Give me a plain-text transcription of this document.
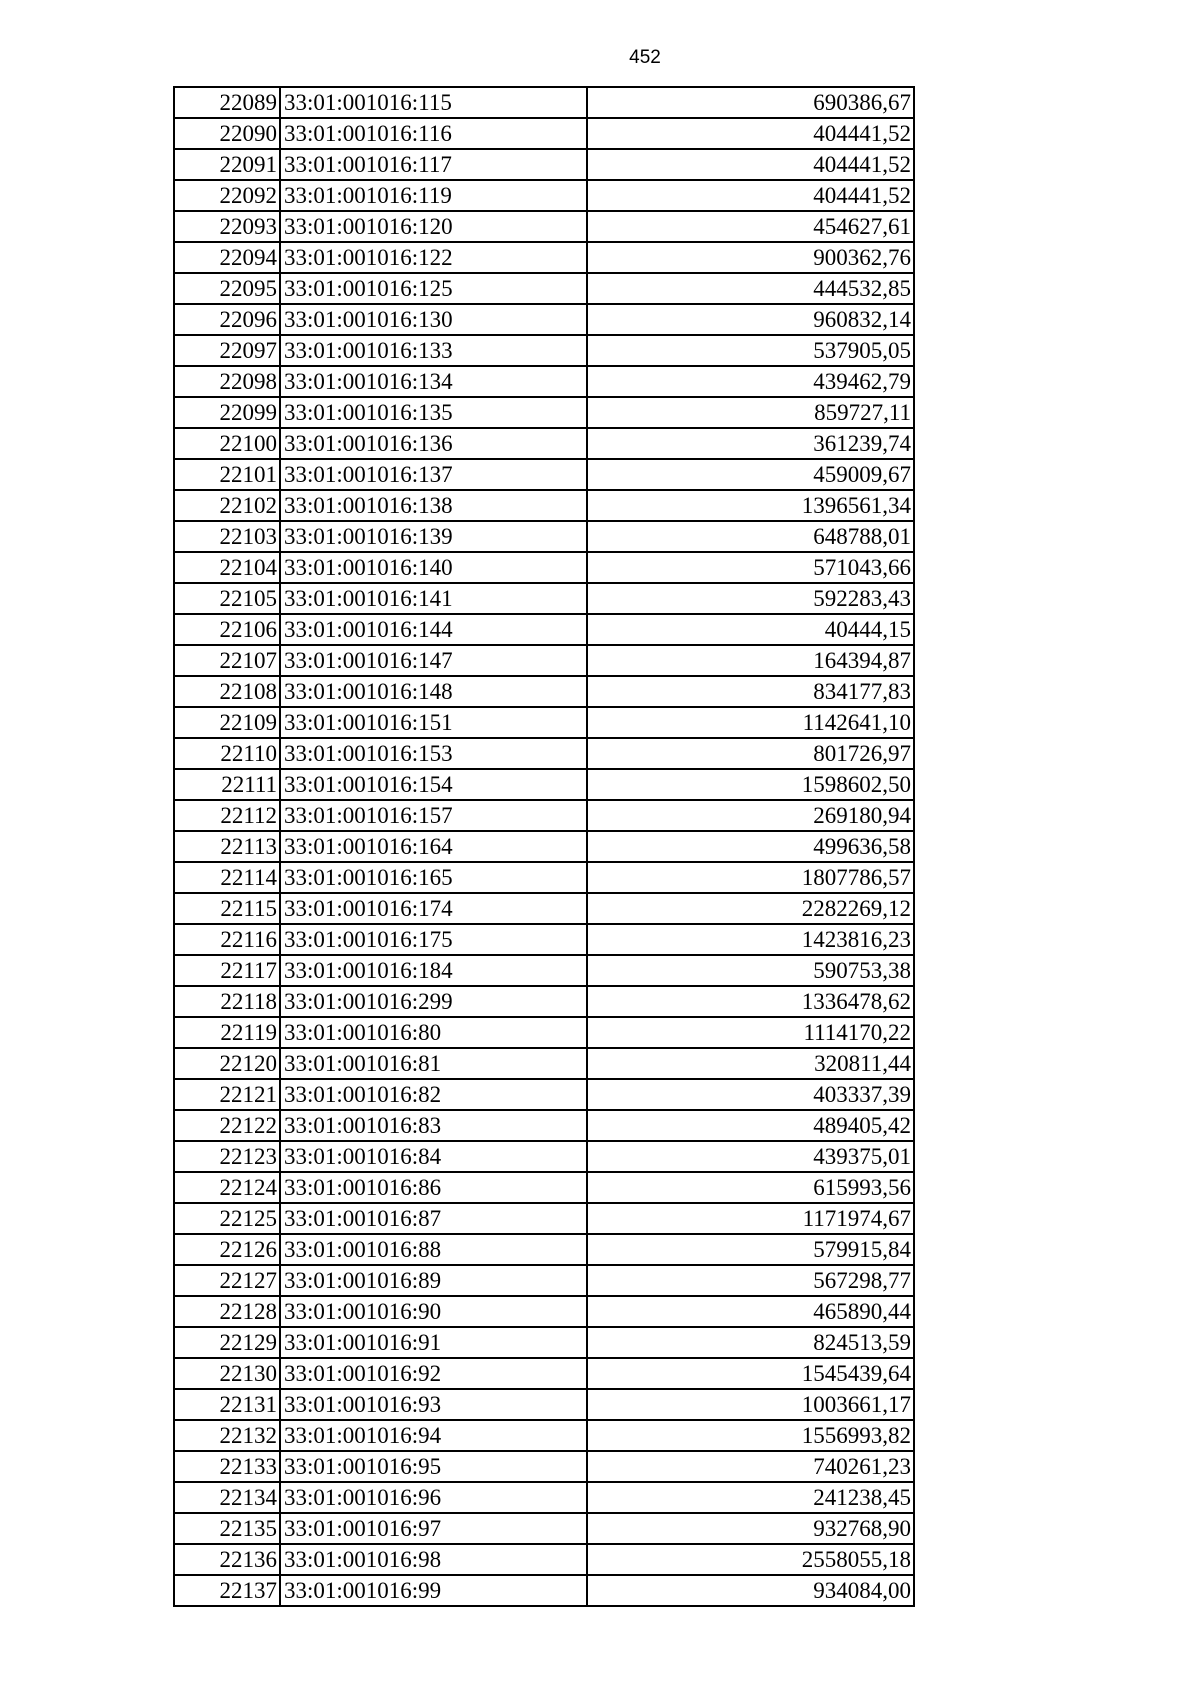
452
22089	33:01:001016:115	690386,67
22090	33:01:001016:116	404441,52
22091	33:01:001016:117	404441,52
22092	33:01:001016:119	404441,52
22093	33:01:001016:120	454627,61
22094	33:01:001016:122	900362,76
22095	33:01:001016:125	444532,85
22096	33:01:001016:130	960832,14
22097	33:01:001016:133	537905,05
22098	33:01:001016:134	439462,79
22099	33:01:001016:135	859727,11
22100	33:01:001016:136	361239,74
22101	33:01:001016:137	459009,67
22102	33:01:001016:138	1396561,34
22103	33:01:001016:139	648788,01
22104	33:01:001016:140	571043,66
22105	33:01:001016:141	592283,43
22106	33:01:001016:144	40444,15
22107	33:01:001016:147	164394,87
22108	33:01:001016:148	834177,83
22109	33:01:001016:151	1142641,10
22110	33:01:001016:153	801726,97
22111	33:01:001016:154	1598602,50
22112	33:01:001016:157	269180,94
22113	33:01:001016:164	499636,58
22114	33:01:001016:165	1807786,57
22115	33:01:001016:174	2282269,12
22116	33:01:001016:175	1423816,23
22117	33:01:001016:184	590753,38
22118	33:01:001016:299	1336478,62
22119	33:01:001016:80	1114170,22
22120	33:01:001016:81	320811,44
22121	33:01:001016:82	403337,39
22122	33:01:001016:83	489405,42
22123	33:01:001016:84	439375,01
22124	33:01:001016:86	615993,56
22125	33:01:001016:87	1171974,67
22126	33:01:001016:88	579915,84
22127	33:01:001016:89	567298,77
22128	33:01:001016:90	465890,44
22129	33:01:001016:91	824513,59
22130	33:01:001016:92	1545439,64
22131	33:01:001016:93	1003661,17
22132	33:01:001016:94	1556993,82
22133	33:01:001016:95	740261,23
22134	33:01:001016:96	241238,45
22135	33:01:001016:97	932768,90
22136	33:01:001016:98	2558055,18
22137	33:01:001016:99	934084,00
